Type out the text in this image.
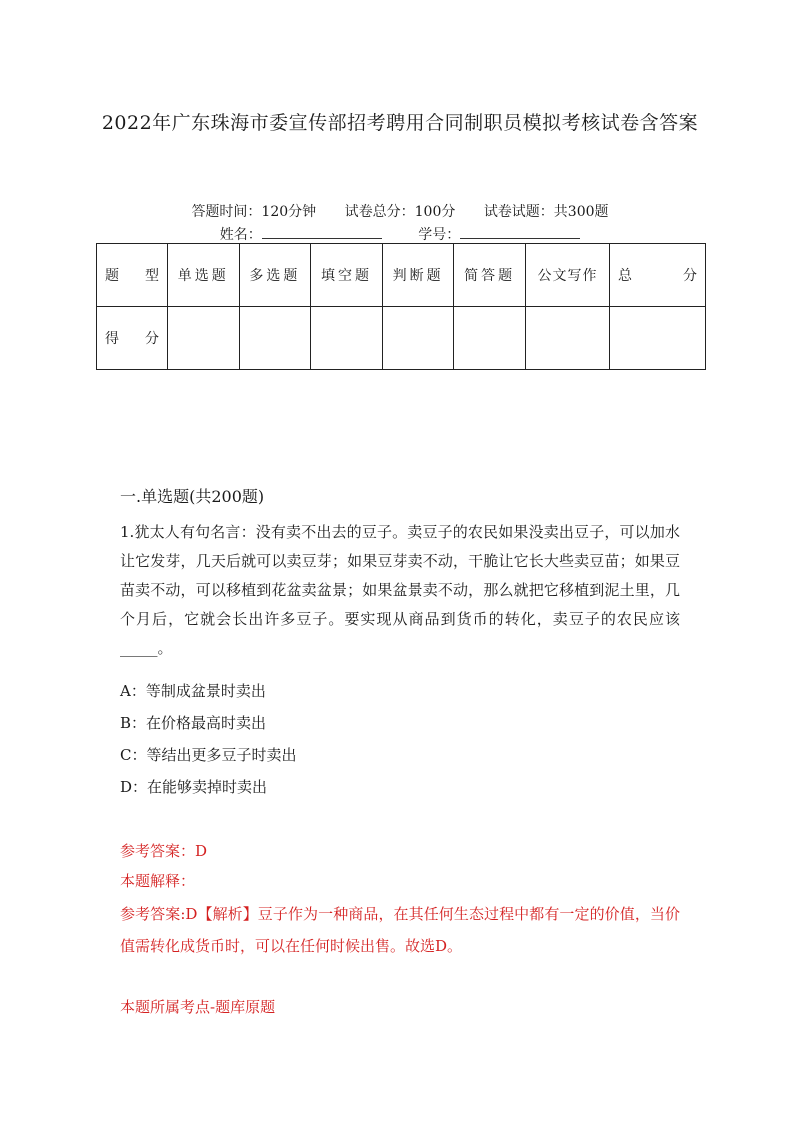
2022年广东珠海市委宣传部招考聘用合同制职员模拟考核试卷含答案
答题时间：120分钟 试卷总分：100分 试卷试题：共300题
姓名：	学号：
题 型	单选题	多选题	填空题	判断题	简答题	公文写作	总 分

得 分							

一.单选题(共200题)
1.犹太人有句名言：没有卖不出去的豆子。卖豆子的农民如果没卖出豆子，可以加水让它发芽，几天后就可以卖豆芽；如果豆芽卖不动，干脆让它长大些卖豆苗；如果豆苗卖不动，可以移植到花盆卖盆景；如果盆景卖不动，那么就把它移植到泥土里，几个月后，它就会长出许多豆子。要实现从商品到货币的转化，卖豆子的农民应该_____。
A：等制成盆景时卖出
B：在价格最高时卖出
C：等结出更多豆子时卖出
D：在能够卖掉时卖出
参考答案：D
本题解释：
参考答案:D【解析】豆子作为一种商品，在其任何生态过程中都有一定的价值，当价值需转化成货币时，可以在任何时候出售。故选D。
本题所属考点-题库原题
